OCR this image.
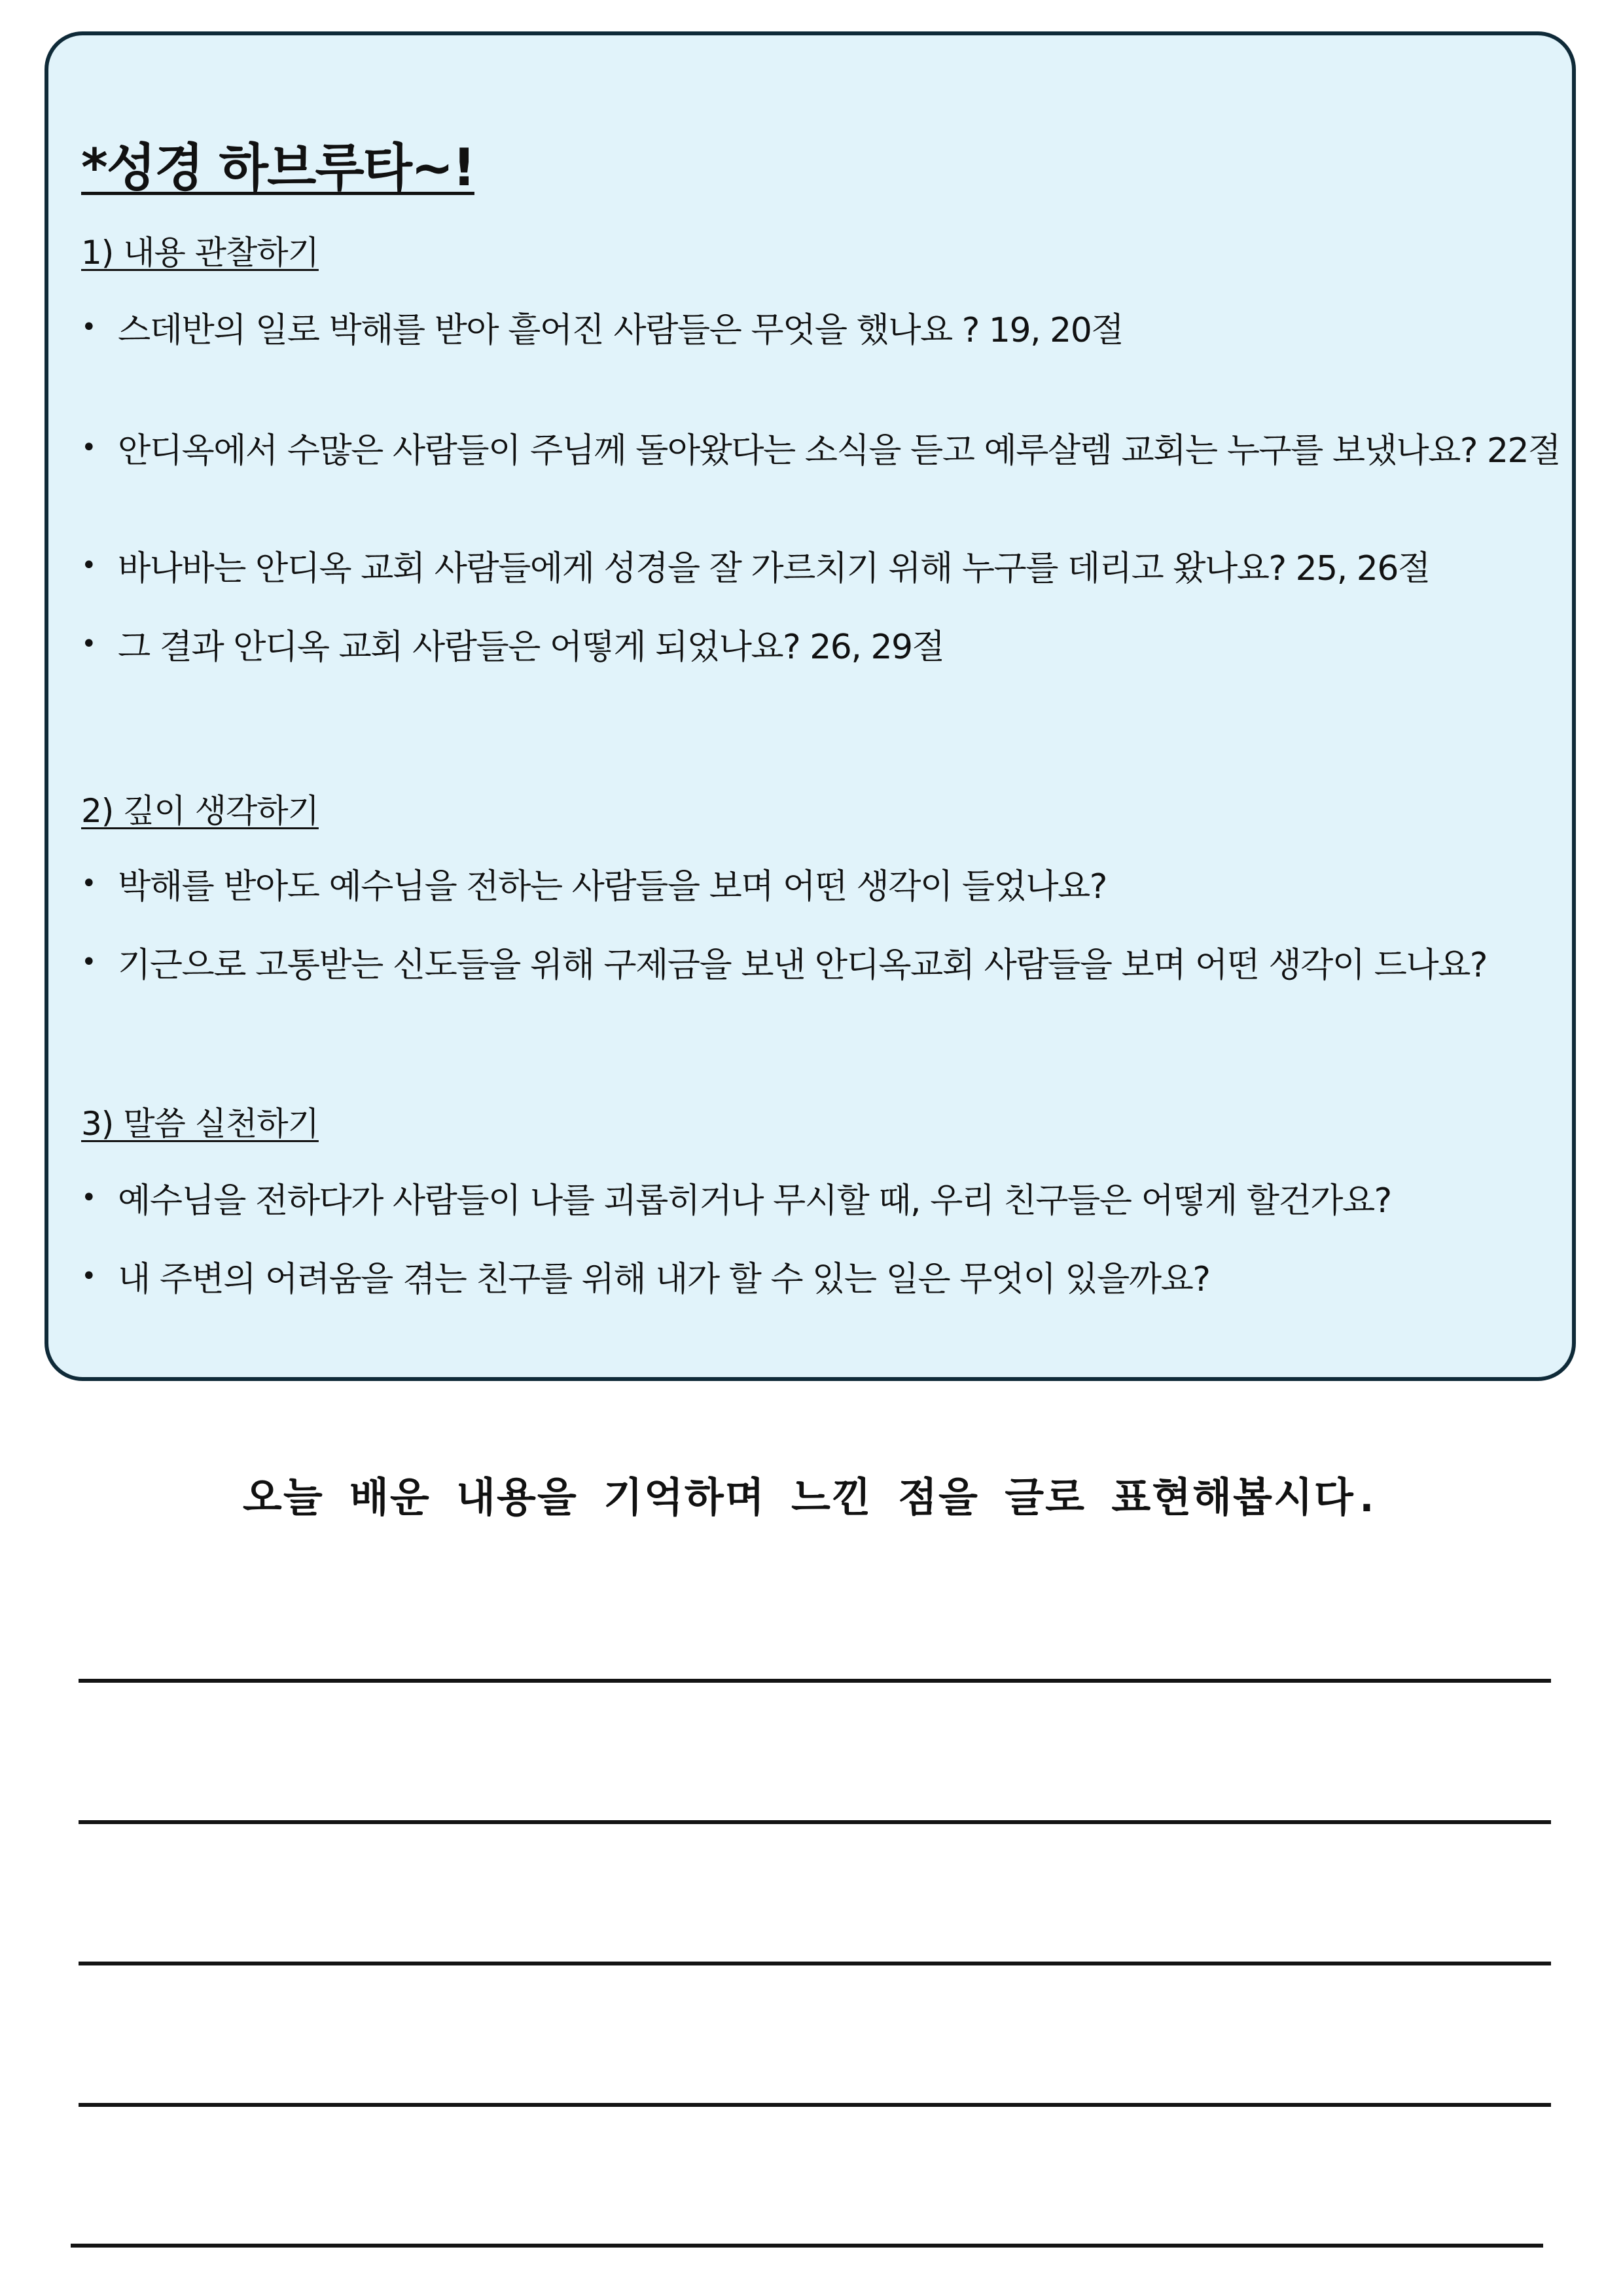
*성경 하브루타~!
1) 내용 관찰하기
• 스데반의 일로 박해를 받아 흩어진 사람들은 무엇을 했나요 ? 19, 20절
• 안디옥에서 수많은 사람들이 주님께 돌아왔다는 소식을 듣고 예루살렘 교회는 누구를 보냈나요? 22절
• 바나바는 안디옥 교회 사람들에게 성경을 잘 가르치기 위해 누구를 데리고 왔나요? 25, 26절
• 그 결과 안디옥 교회 사람들은 어떻게 되었나요? 26, 29절
2) 깊이 생각하기
• 박해를 받아도 예수님을 전하는 사람들을 보며 어떤 생각이 들었나요?
• 기근으로 고통받는 신도들을 위해 구제금을 보낸 안디옥교회 사람들을 보며 어떤 생각이 드나요?
3) 말씀 실천하기
• 예수님을 전하다가 사람들이 나를 괴롭히거나 무시할 때, 우리 친구들은 어떻게 할건가요?
• 내 주변의 어려움을 겪는 친구를 위해 내가 할 수 있는 일은 무엇이 있을까요?
오늘 배운 내용을 기억하며 느낀 점을 글로 표현해봅시다.
